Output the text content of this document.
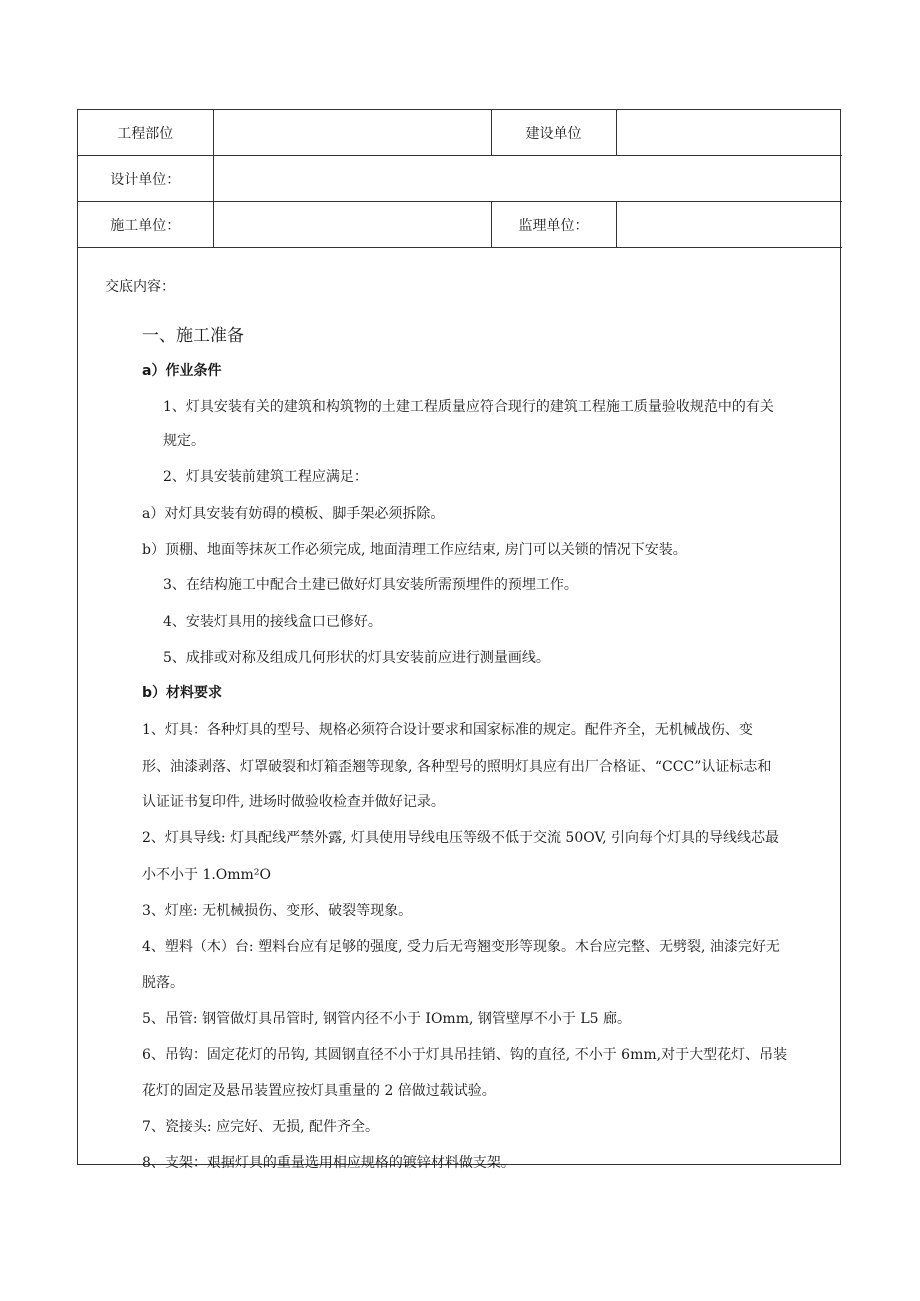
工程部位		建设单位	
设计单位：			
施工单位：		监理单位：	
交底内容：
一、施工准备
a）作业条件
1、灯具安装有关的建筑和构筑物的土建工程质量应符合现行的建筑工程施工质量验收规范中的有关
规定。
2、灯具安装前建筑工程应满足：
a）对灯具安装有妨碍的模板、脚手架必须拆除。
b）顶棚、地面等抹灰工作必须完成, 地面清理工作应结束, 房门可以关锁的情况下安装。
3、在结构施工中配合土建已做好灯具安装所需预埋件的预埋工作。
4、安装灯具用的接线盒口已修好。
5、成排或对称及组成几何形状的灯具安装前应进行测量画线。
b）材料要求
1、灯具：各种灯具的型号、规格必须符合设计要求和国家标准的规定。配件齐全，无机械战伤、变
形、油漆剥落、灯罩破裂和灯箱歪翘等现象, 各种型号的照明灯具应有出厂合格证、“CCC”认证标志和
认证证书复印件, 进场时做验收检查并做好记录。
2、灯具导线: 灯具配线严禁外露, 灯具使用导线电压等级不低于交流 50OV, 引向每个灯具的导线线芯最
小不小于 1.Omm²O
3、灯座: 无机械损伤、变形、破裂等现象。
4、塑料（木）台: 塑料台应有足够的强度, 受力后无弯翘变形等现象。木台应完整、无劈裂, 油漆完好无
脱落。
5、吊管: 钢管做灯具吊管时, 钢管内径不小于 IOmm, 钢管壁厚不小于 L5 廊。
6、吊钩：固定花灯的吊钩, 其圆钢直径不小于灯具吊挂销、钩的直径, 不小于 6mm,对于大型花灯、吊装
花灯的固定及悬吊装置应按灯具重量的 2 倍做过载试验。
7、瓷接头: 应完好、无损, 配件齐全。
8、支架：艰据灯具的重量选用相应规格的镀锌材料做支架。
